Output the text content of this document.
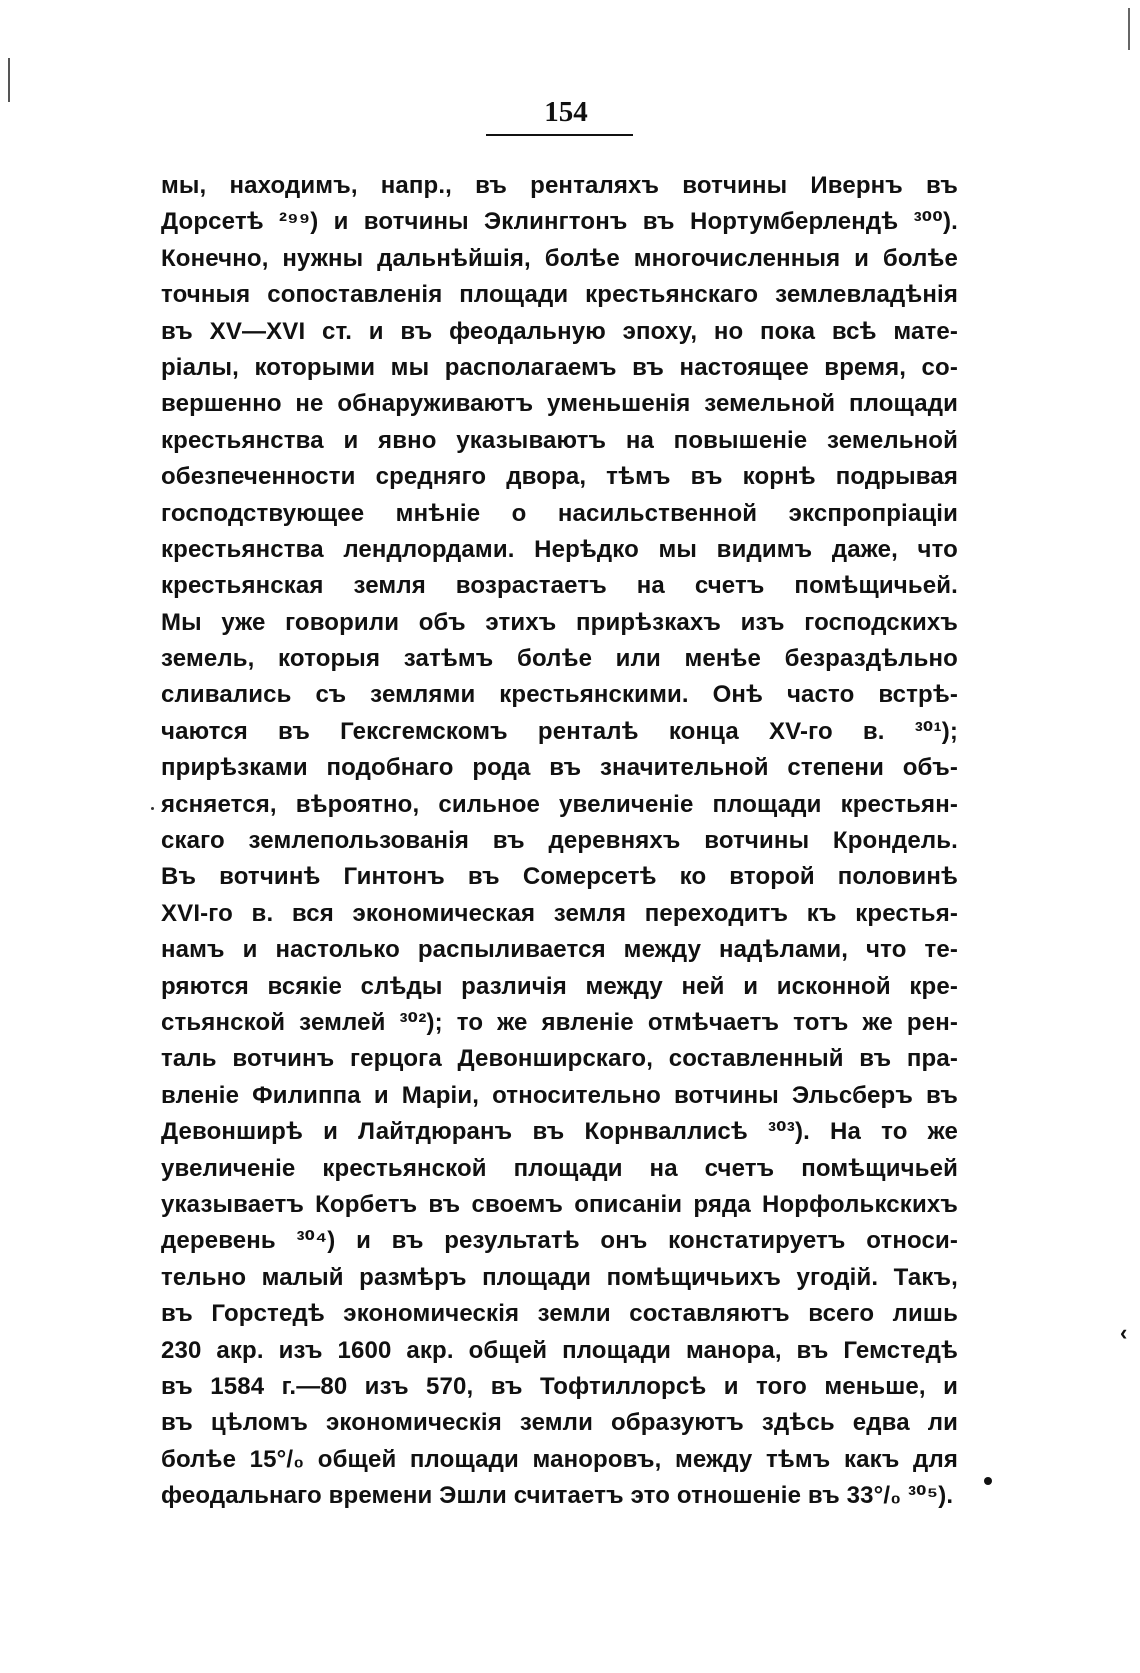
154
мы, находимъ, напр., въ ренталяхъ вотчины Ивернъ въ
Дорсетѣ ²⁹⁹) и вотчины Эклингтонъ въ Нортумберлендѣ ³⁰⁰).
Конечно, нужны дальнѣйшія, болѣе многочисленныя и болѣе
точныя сопоставленія площади крестьянскаго землевладѣнія
въ XV—XVI ст. и въ феодальную эпоху, но пока всѣ мате-
ріалы, которыми мы располагаемъ въ настоящее время, со-
вершенно не обнаруживаютъ уменьшенія земельной площади
крестьянства и явно указываютъ на повышеніе земельной
обезпеченности средняго двора, тѣмъ въ корнѣ подрывая
господствующее мнѣніе о насильственной экспропріаціи
крестьянства лендлордами. Нерѣдко мы видимъ даже, что
крестьянская земля возрастаетъ на счетъ помѣщичьей.
Мы уже говорили объ этихъ прирѣзкахъ изъ господскихъ
земель, которыя затѣмъ болѣе или менѣе безраздѣльно
сливались съ землями крестьянскими. Онѣ часто встрѣ-
чаются въ Гексгемскомъ ренталѣ конца XV-го в. ³⁰¹);
прирѣзками подобнаго рода въ значительной степени объ-
ясняется, вѣроятно, сильное увеличеніе площади крестьян-
скаго землепользованія въ деревняхъ вотчины Крондель.
Въ вотчинѣ Гинтонъ въ Сомерсетѣ ко второй половинѣ
XVI-го в. вся экономическая земля переходитъ къ крестья-
намъ и настолько распыливается между надѣлами, что те-
ряются всякіе слѣды различія между ней и исконной кре-
стьянской землей ³⁰²); то же явленіе отмѣчаетъ тотъ же рен-
таль вотчинъ герцога Девонширскаго, составленный въ пра-
вленіе Филиппа и Маріи, относительно вотчины Эльсберъ въ
Девонширѣ и Лайтдюранъ въ Корнваллисѣ ³⁰³). На то же
увеличеніе крестьянской площади на счетъ помѣщичьей
указываетъ Корбетъ въ своемъ описаніи ряда Норфолькскихъ
деревень ³⁰⁴) и въ результатѣ онъ констатируетъ относи-
тельно малый размѣръ площади помѣщичьихъ угодій. Такъ,
въ Горстедѣ экономическія земли составляютъ всего лишь
230 акр. изъ 1600 акр. общей площади манора, въ Гемстедѣ
въ 1584 г.—80 изъ 570, въ Тофтиллорсѣ и того меньше, и
въ цѣломъ экономическія земли образуютъ здѣсь едва ли
болѣе 15°/₀ общей площади маноровъ, между тѣмъ какъ для
феодальнаго времени Эшли считаетъ это отношеніе въ 33°/₀ ³⁰⁵).
‹
